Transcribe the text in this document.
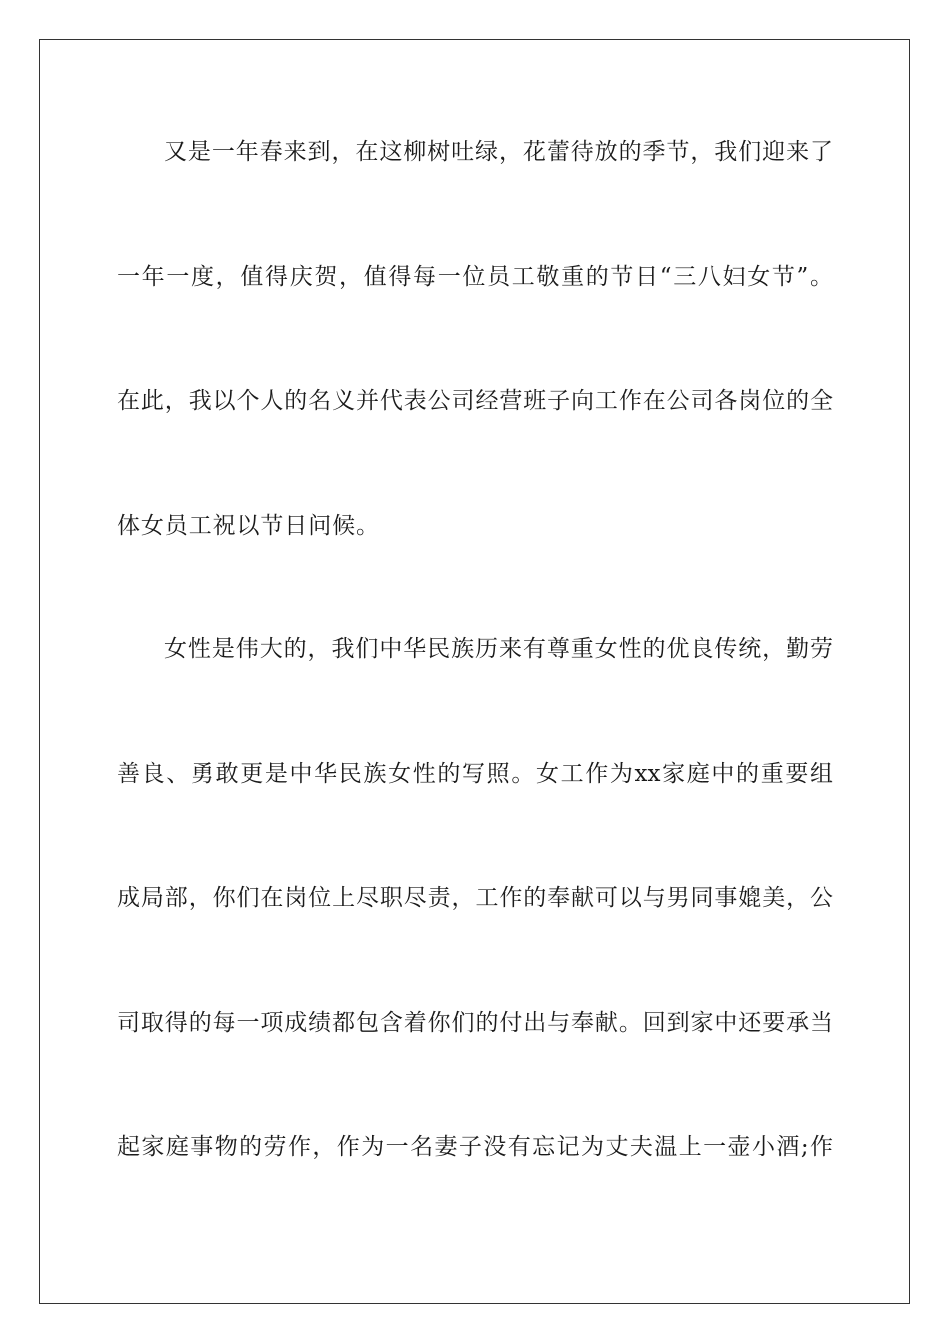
又是一年春来到，在这柳树吐绿，花蕾待放的季节，我们迎来了
一年一度，值得庆贺，值得每一位员工敬重的节日“三八妇女节”。
在此，我以个人的名义并代表公司经营班子向工作在公司各岗位的全
体女员工祝以节日问候。
女性是伟大的，我们中华民族历来有尊重女性的优良传统，勤劳
善良、勇敢更是中华民族女性的写照。女工作为xx家庭中的重要组
成局部，你们在岗位上尽职尽责，工作的奉献可以与男同事媲美，公
司取得的每一项成绩都包含着你们的付出与奉献。回到家中还要承当
起家庭事物的劳作，作为一名妻子没有忘记为丈夫温上一壶小酒;作
